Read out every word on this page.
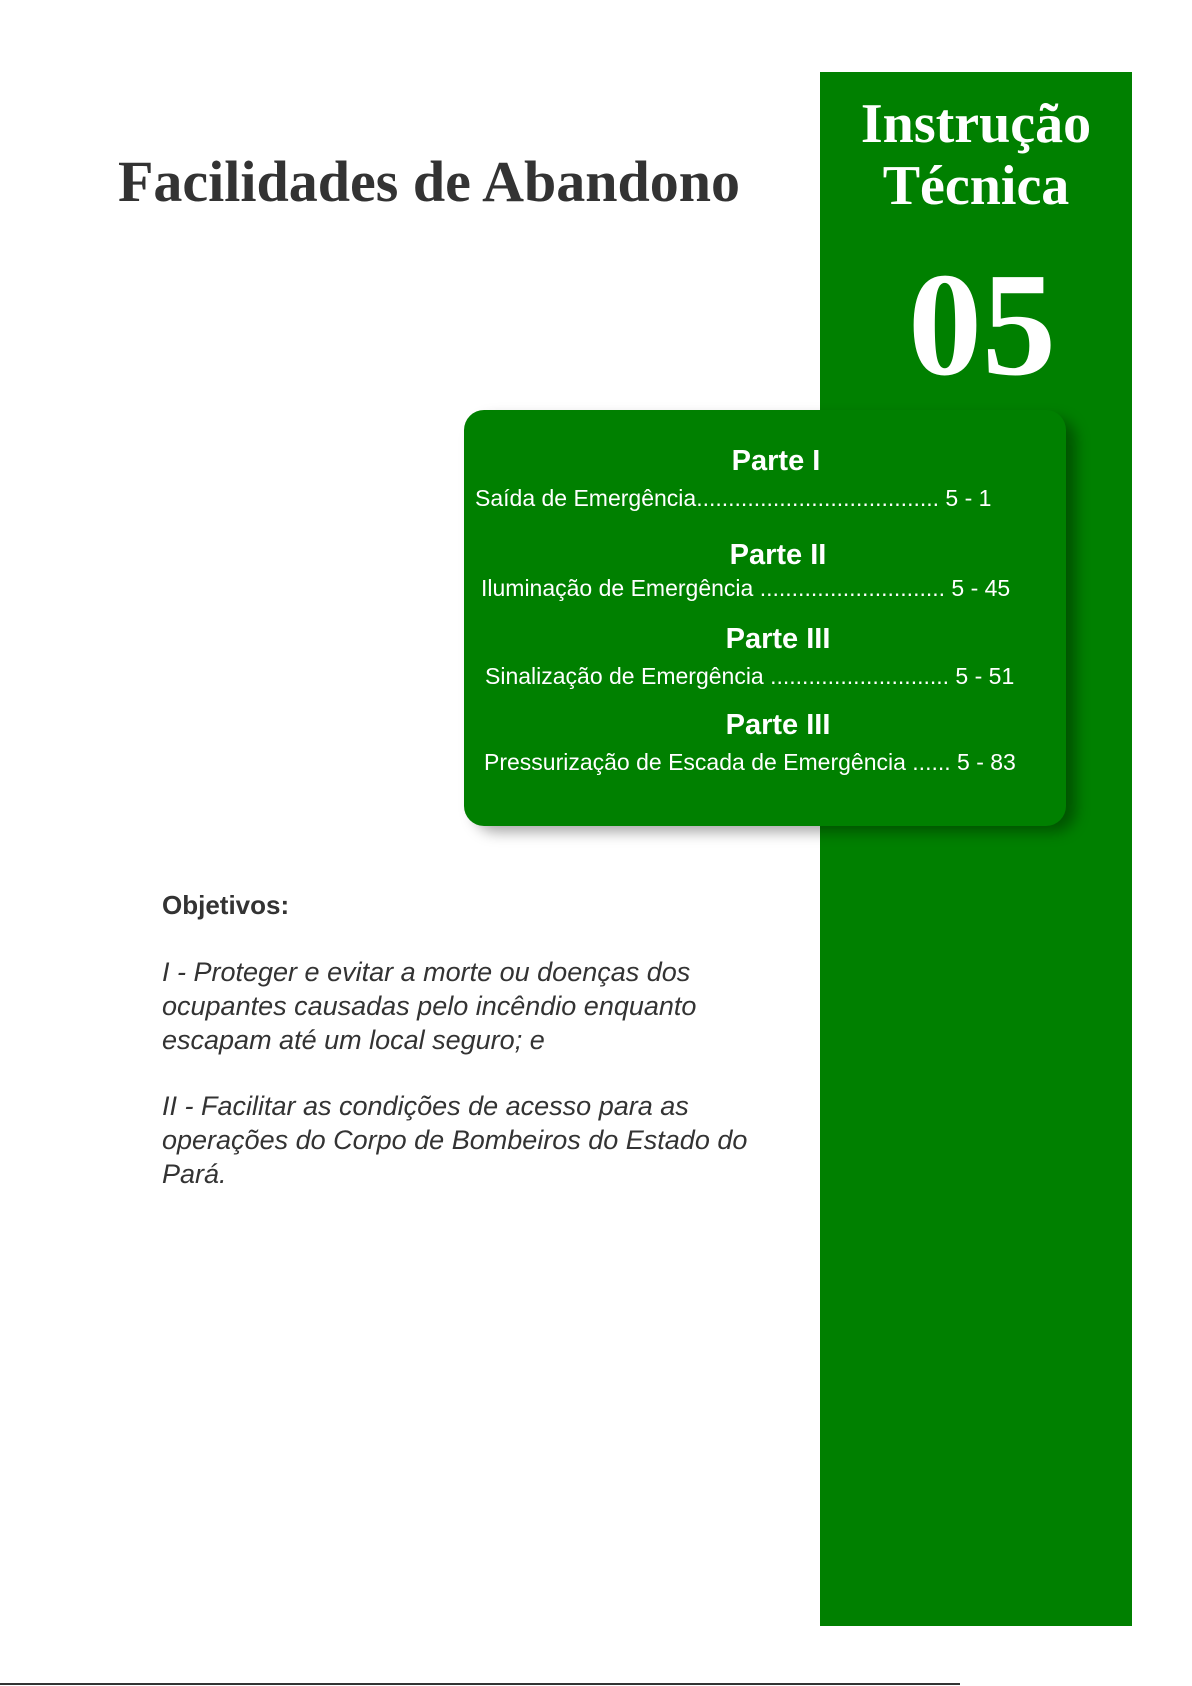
Facilidades de Abandono

Instrução

Técnica

05

Parte I
Saída de Emergência...................................... 5 - 1
Parte II
Iluminação de Emergência ............................. 5 - 45
Parte III
Sinalização de Emergência ............................ 5 - 51
Parte III
Pressurização de Escada de Emergência ...... 5 - 83
Objetivos:

I - Proteger e evitar a morte ou doenças dos ocupantes causadas pelo incêndio enquanto escapam até um local seguro; e

II - Facilitar as condições de acesso para as operações do Corpo de Bombeiros do Estado do Pará.
